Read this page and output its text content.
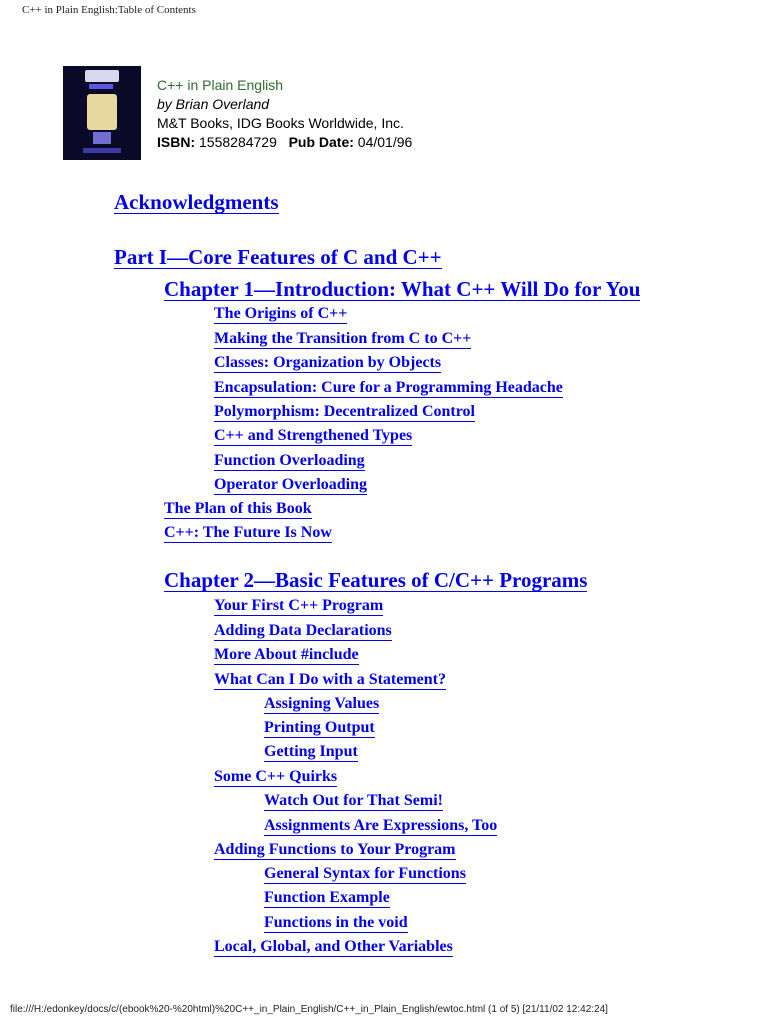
C++ in Plain English:Table of Contents
C++ in Plain English
by Brian Overland
M&T Books, IDG Books Worldwide, Inc.
ISBN: 1558284729 Pub Date: 04/01/96
Acknowledgments
Part I—Core Features of C and C++
Chapter 1—Introduction: What C++ Will Do for You
The Origins of C++
Making the Transition from C to C++
Classes: Organization by Objects
Encapsulation: Cure for a Programming Headache
Polymorphism: Decentralized Control
C++ and Strengthened Types
Function Overloading
Operator Overloading
The Plan of this Book
C++: The Future Is Now
Chapter 2—Basic Features of C/C++ Programs
Your First C++ Program
Adding Data Declarations
More About #include
What Can I Do with a Statement?
Assigning Values
Printing Output
Getting Input
Some C++ Quirks
Watch Out for That Semi!
Assignments Are Expressions, Too
Adding Functions to Your Program
General Syntax for Functions
Function Example
Functions in the void
Local, Global, and Other Variables
file:///H:/edonkey/docs/c/(ebook%20-%20html)%20C++_in_Plain_English/C++_in_Plain_English/ewtoc.html (1 of 5) [21/11/02 12:42:24]
